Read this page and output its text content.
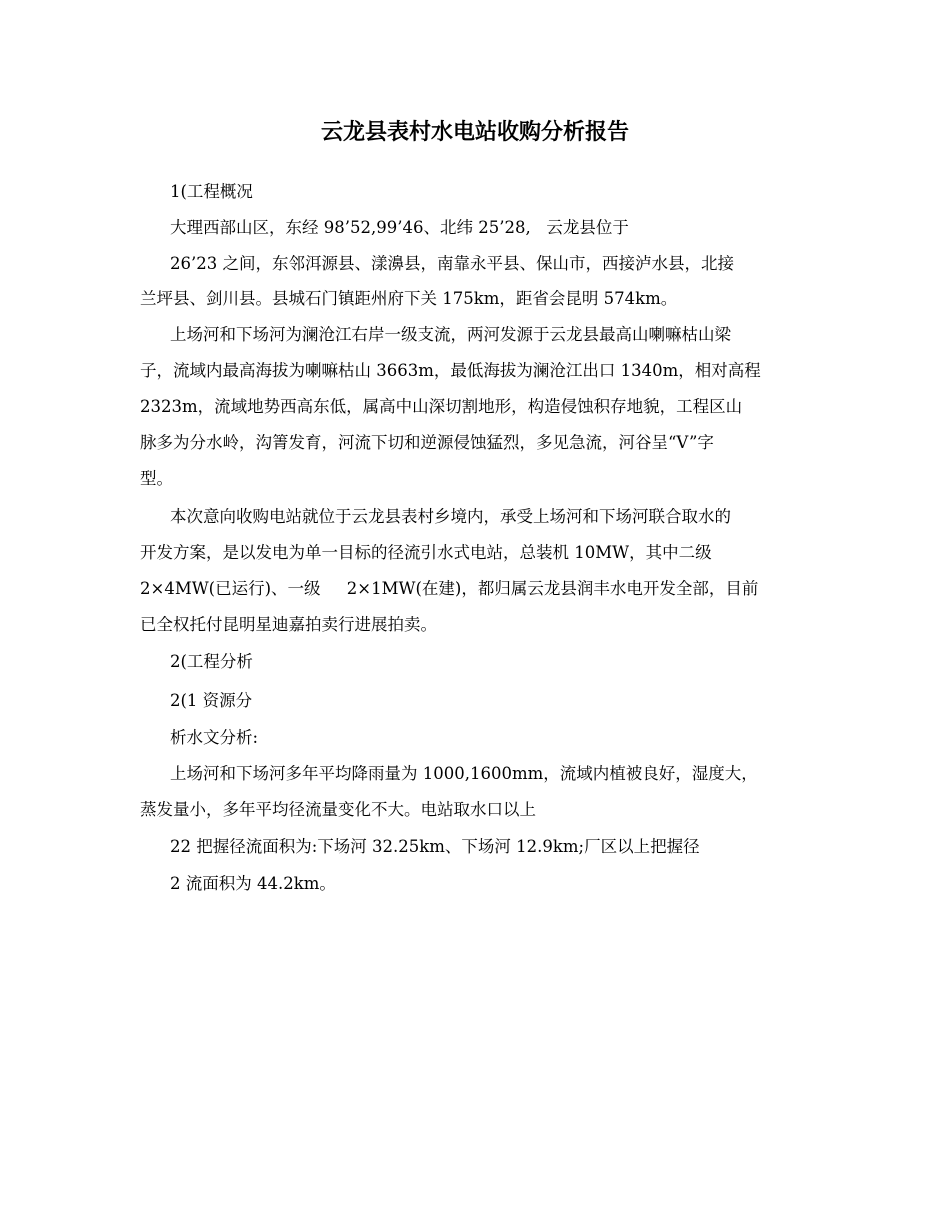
云龙县表村水电站收购分析报告

1(工程概况

大理西部山区，东经 98’52,99’46、北纬 25’28,   云龙县位于

26’23 之间，东邻洱源县、漾濞县，南靠永平县、保山市，西接泸水县，北接

兰坪县、剑川县。县城石门镇距州府下关 175km，距省会昆明 574km。

上场河和下场河为澜沧江右岸一级支流，两河发源于云龙县最高山喇嘛枯山梁

子，流域内最高海拔为喇嘛枯山 3663m，最低海拔为澜沧江出口 1340m，相对高程

2323m，流域地势西高东低，属高中山深切割地形，构造侵蚀积存地貌，工程区山

脉多为分水岭，沟箐发育，河流下切和逆源侵蚀猛烈，多见急流，河谷呈“V”字

型。

本次意向收购电站就位于云龙县表村乡境内，承受上场河和下场河联合取水的

开发方案，是以发电为单一目标的径流引水式电站，总装机 10MW，其中二级

2×4MW(已运行)、一级     2×1MW(在建)，都归属云龙县润丰水电开发全部，目前

已全权托付昆明星迪嘉拍卖行进展拍卖。

2(工程分析

2(1 资源分

析水文分析:

上场河和下场河多年平均降雨量为 1000,1600mm，流域内植被良好，湿度大，

蒸发量小，多年平均径流量变化不大。电站取水口以上

22 把握径流面积为:下场河 32.25km、下场河 12.9km;厂区以上把握径

2 流面积为 44.2km。
